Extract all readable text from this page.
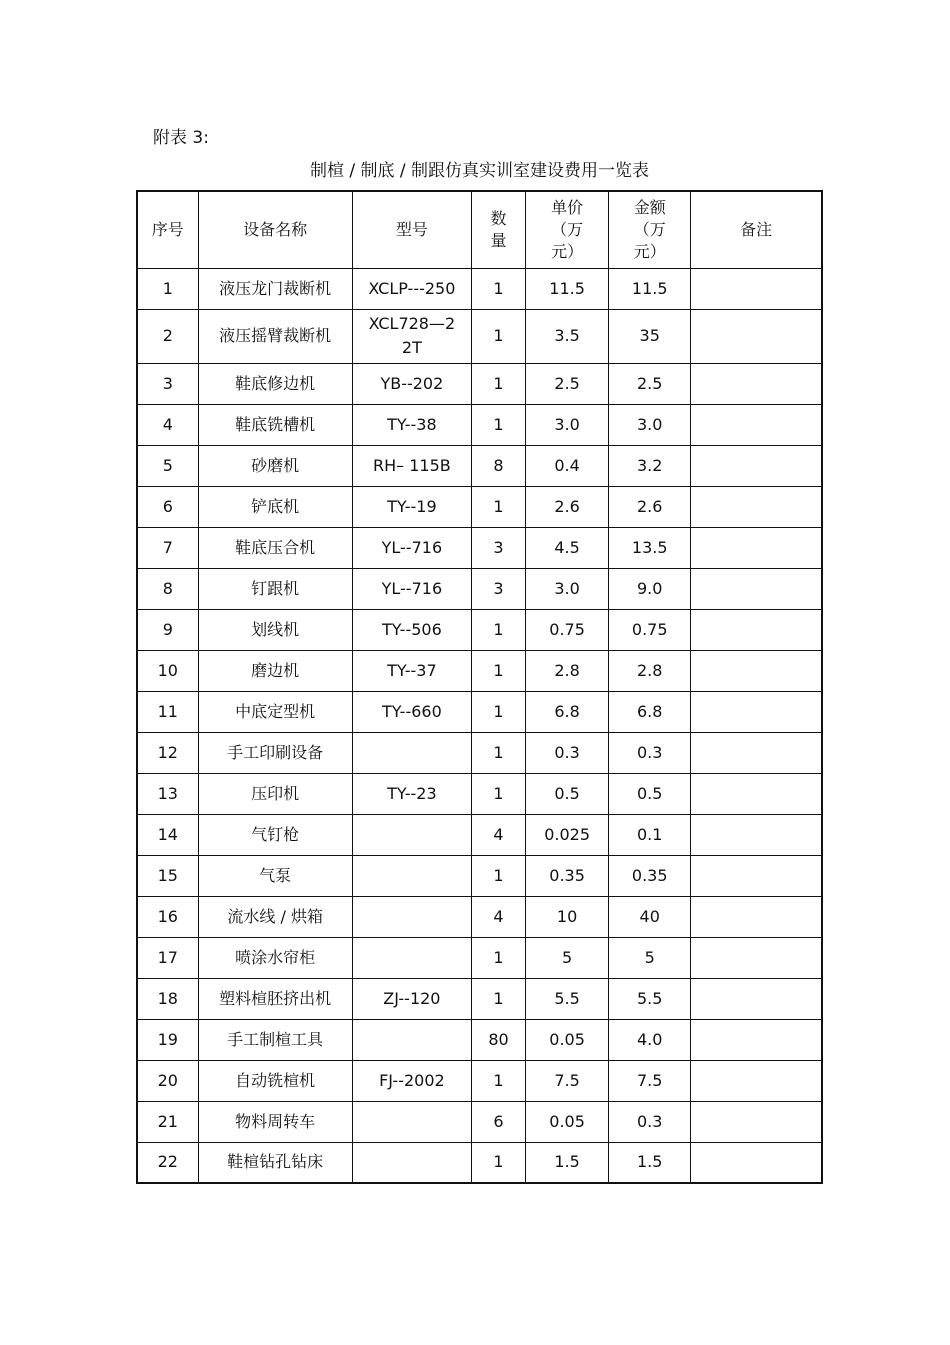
附表 3:
制楦 / 制底 / 制跟仿真实训室建设费用一览表
序号	设备名称	型号	数量	单价（万元）	金额（万元）	备注
1	液压龙门裁断机	XCLP---250	1	11.5	11.5	
2	液压摇臂裁断机	XCL728—22T	1	3.5	35	
3	鞋底修边机	YB--202	1	2.5	2.5	
4	鞋底铣槽机	TY--38	1	3.0	3.0	
5	砂磨机	RH– 115B	8	0.4	3.2	
6	铲底机	TY--19	1	2.6	2.6	
7	鞋底压合机	YL--716	3	4.5	13.5	
8	钉跟机	YL--716	3	3.0	9.0	
9	划线机	TY--506	1	0.75	0.75	
10	磨边机	TY--37	1	2.8	2.8	
11	中底定型机	TY--660	1	6.8	6.8	
12	手工印刷设备		1	0.3	0.3	
13	压印机	TY--23	1	0.5	0.5	
14	气钉枪		4	0.025	0.1	
15	气泵		1	0.35	0.35	
16	流水线 / 烘箱		4	10	40	
17	喷涂水帘柜		1	5	5	
18	塑料楦胚挤出机	ZJ--120	1	5.5	5.5	
19	手工制楦工具		80	0.05	4.0	
20	自动铣楦机	FJ--2002	1	7.5	7.5	
21	物料周转车		6	0.05	0.3	
22	鞋楦钻孔钻床		1	1.5	1.5	
